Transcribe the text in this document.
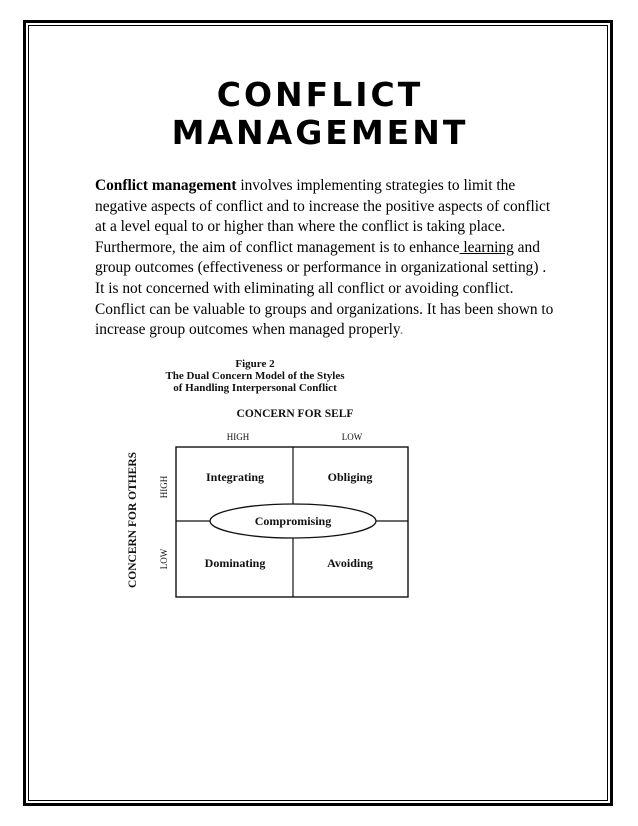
CONFLICT
MANAGEMENT
Conflict management involves implementing strategies to limit the negative aspects of conflict and to increase the positive aspects of conflict at a level equal to or higher than where the conflict is taking place. Furthermore, the aim of conflict management is to enhance learning and group outcomes (effectiveness or performance in organizational setting) . It is not concerned with eliminating all conflict or avoiding conflict. Conflict can be valuable to groups and organizations. It has been shown to increase group outcomes when managed properly.
Figure 2
The Dual Concern Model of the Styles
of Handling Interpersonal Conflict
CONCERN FOR SELF
HIGH	LOW
CONCERN FOR OTHERS HIGH
LOW
Integrating	Obliging
Compromising
Dominating	Avoiding
